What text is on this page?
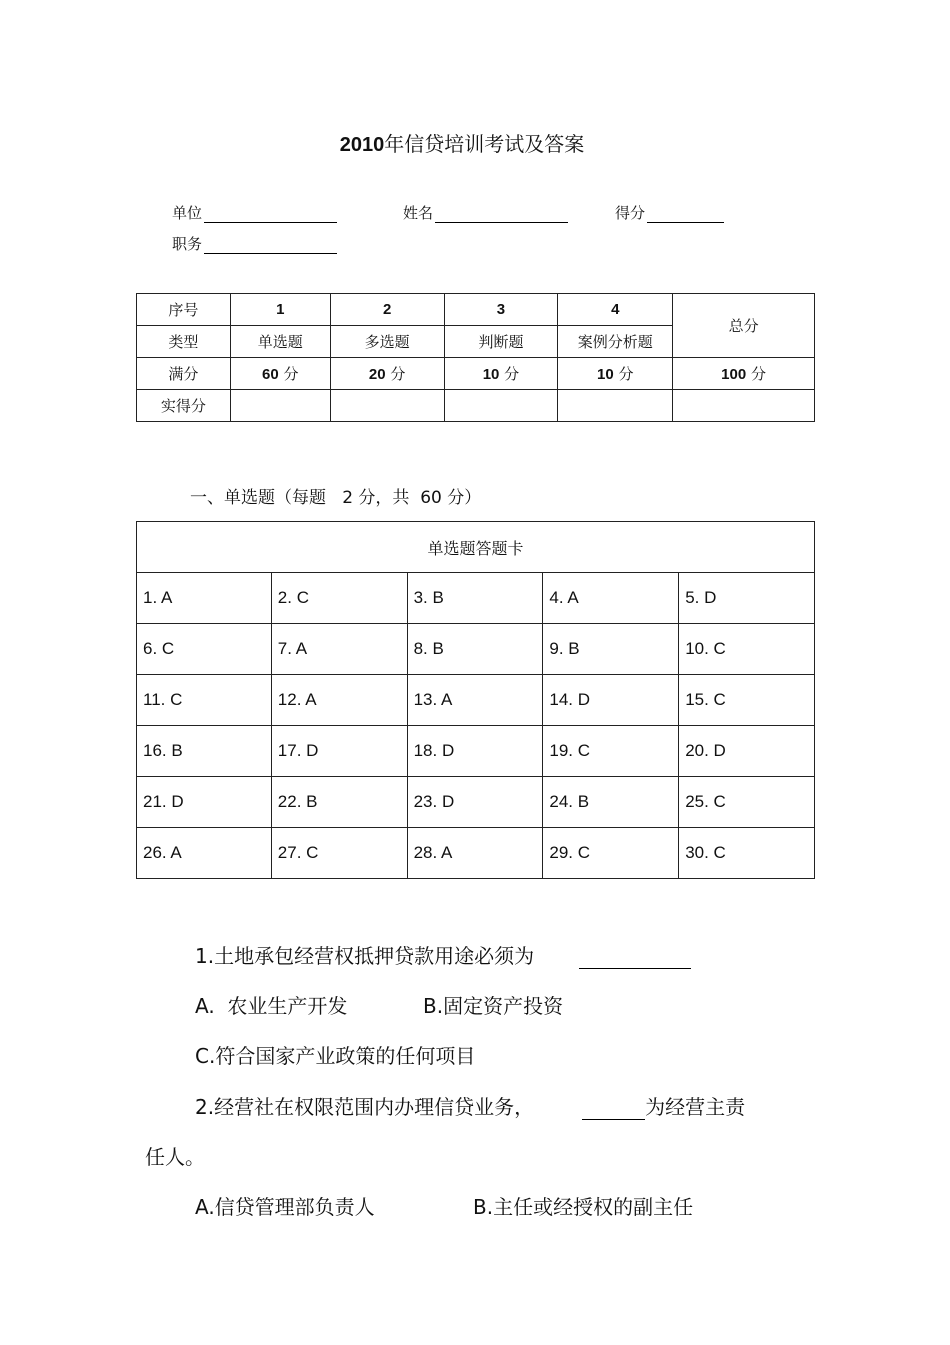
2010年信贷培训考试及答案
单位	姓名	得分
职务
序号	1	2	3	4	总分
类型	单选题	多选题	判断题	案例分析题	
满分	60 分	20 分	10 分	10 分	100 分
实得分					
一、单选题（每题   2 分，共  60 分）
单选题答题卡				
1. A	2. C	3. B	4. A	5. D
6. C	7. A	8. B	9. B	10. C
11. C	12. A	13. A	14. D	15. C
16. B	17. D	18. D	19. C	20. D
21. D	22. B	23. D	24. B	25. C
26. A	27. C	28. A	29. C	30. C
1.土地承包经营权抵押贷款用途必须为
A.  农业生产开发	B.固定资产投资
C.符合国家产业政策的任何项目
2.经营社在权限范围内办理信贷业务，	为经营主责
任人。
A.信贷管理部负责人	B.主任或经授权的副主任
